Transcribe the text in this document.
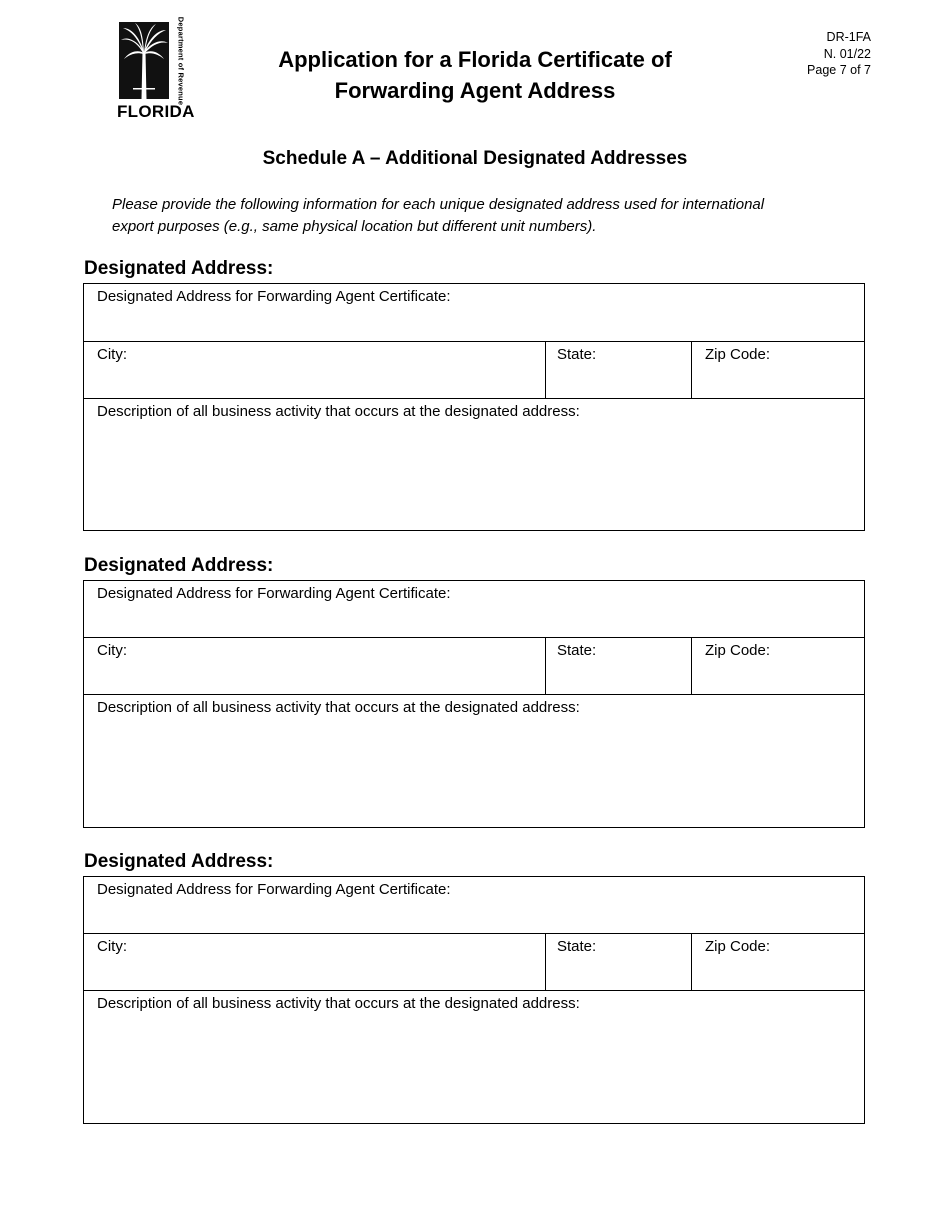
Department of Revenue
FLORIDA
Application for a Florida Certificate of
Forwarding Agent Address
DR-1FA
N. 01/22
Page 7 of 7
Schedule A – Additional Designated Addresses
Please provide the following information for each unique designated address used for international
export purposes (e.g., same physical location but different unit numbers).
Designated Address:
Designated Address for Forwarding Agent Certificate:
City:	State:	Zip Code:
Description of all business activity that occurs at the designated address:
Designated Address:
Designated Address for Forwarding Agent Certificate:
City:	State:	Zip Code:
Description of all business activity that occurs at the designated address:
Designated Address:
Designated Address for Forwarding Agent Certificate:
City:	State:	Zip Code:
Description of all business activity that occurs at the designated address:
